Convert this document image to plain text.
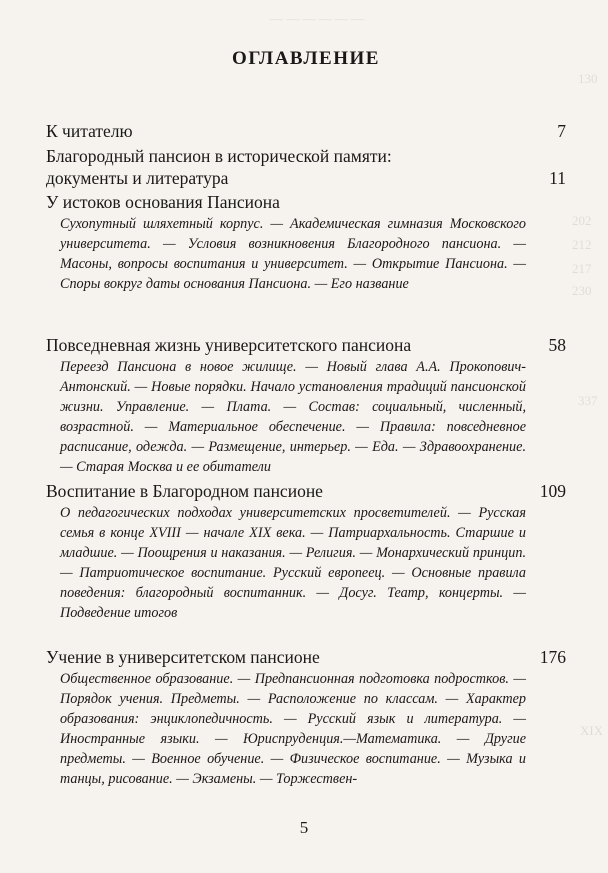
— — — — — —
130
202
212
217
230
337
XIX
ОГЛАВЛЕНИЕ
К читателю	7
Благородный пансион в исторической памяти: документы и литература	11
У истоков основания Пансиона
Сухопутный шляхетный корпус. — Академическая гимназия Московского университета. — Условия возникновения Благородного пансиона. — Масоны, вопросы воспитания и университет. — Открытие Пансиона. — Споры вокруг даты основания Пансиона. — Его название
Повседневная жизнь университетского пансиона	58
Переезд Пансиона в новое жилище. — Новый глава А.А. Прокопович-Антонский. — Новые порядки. Начало установления традиций пансионской жизни. Управление. — Плата. — Состав: социальный, численный, возрастной. — Материальное обеспечение. — Правила: повседневное расписание, одежда. — Размещение, интерьер. — Еда. — Здравоохранение. — Старая Москва и ее обитатели
Воспитание в Благородном пансионе	109
О педагогических подходах университетских просветителей. — Русская семья в конце XVIII — начале XIX века. — Патриархальность. Старшие и младшие. — Поощрения и наказания. — Религия. — Монархический принцип. — Патриотическое воспитание. Русский европеец. — Основные правила поведения: благородный воспитанник. — Досуг. Театр, концерты. — Подведение итогов
Учение в университетском пансионе	176
Общественное образование. — Предпансионная подготовка подростков. — Порядок учения. Предметы. — Расположение по классам. — Характер образования: энциклопедичность. — Русский язык и литература. — Иностранные языки. — Юриспруденция.—Математика. — Другие предметы. — Военное обучение. — Физическое воспитание. — Музыка и танцы, рисование. — Экзамены. — Торжествен-
5
